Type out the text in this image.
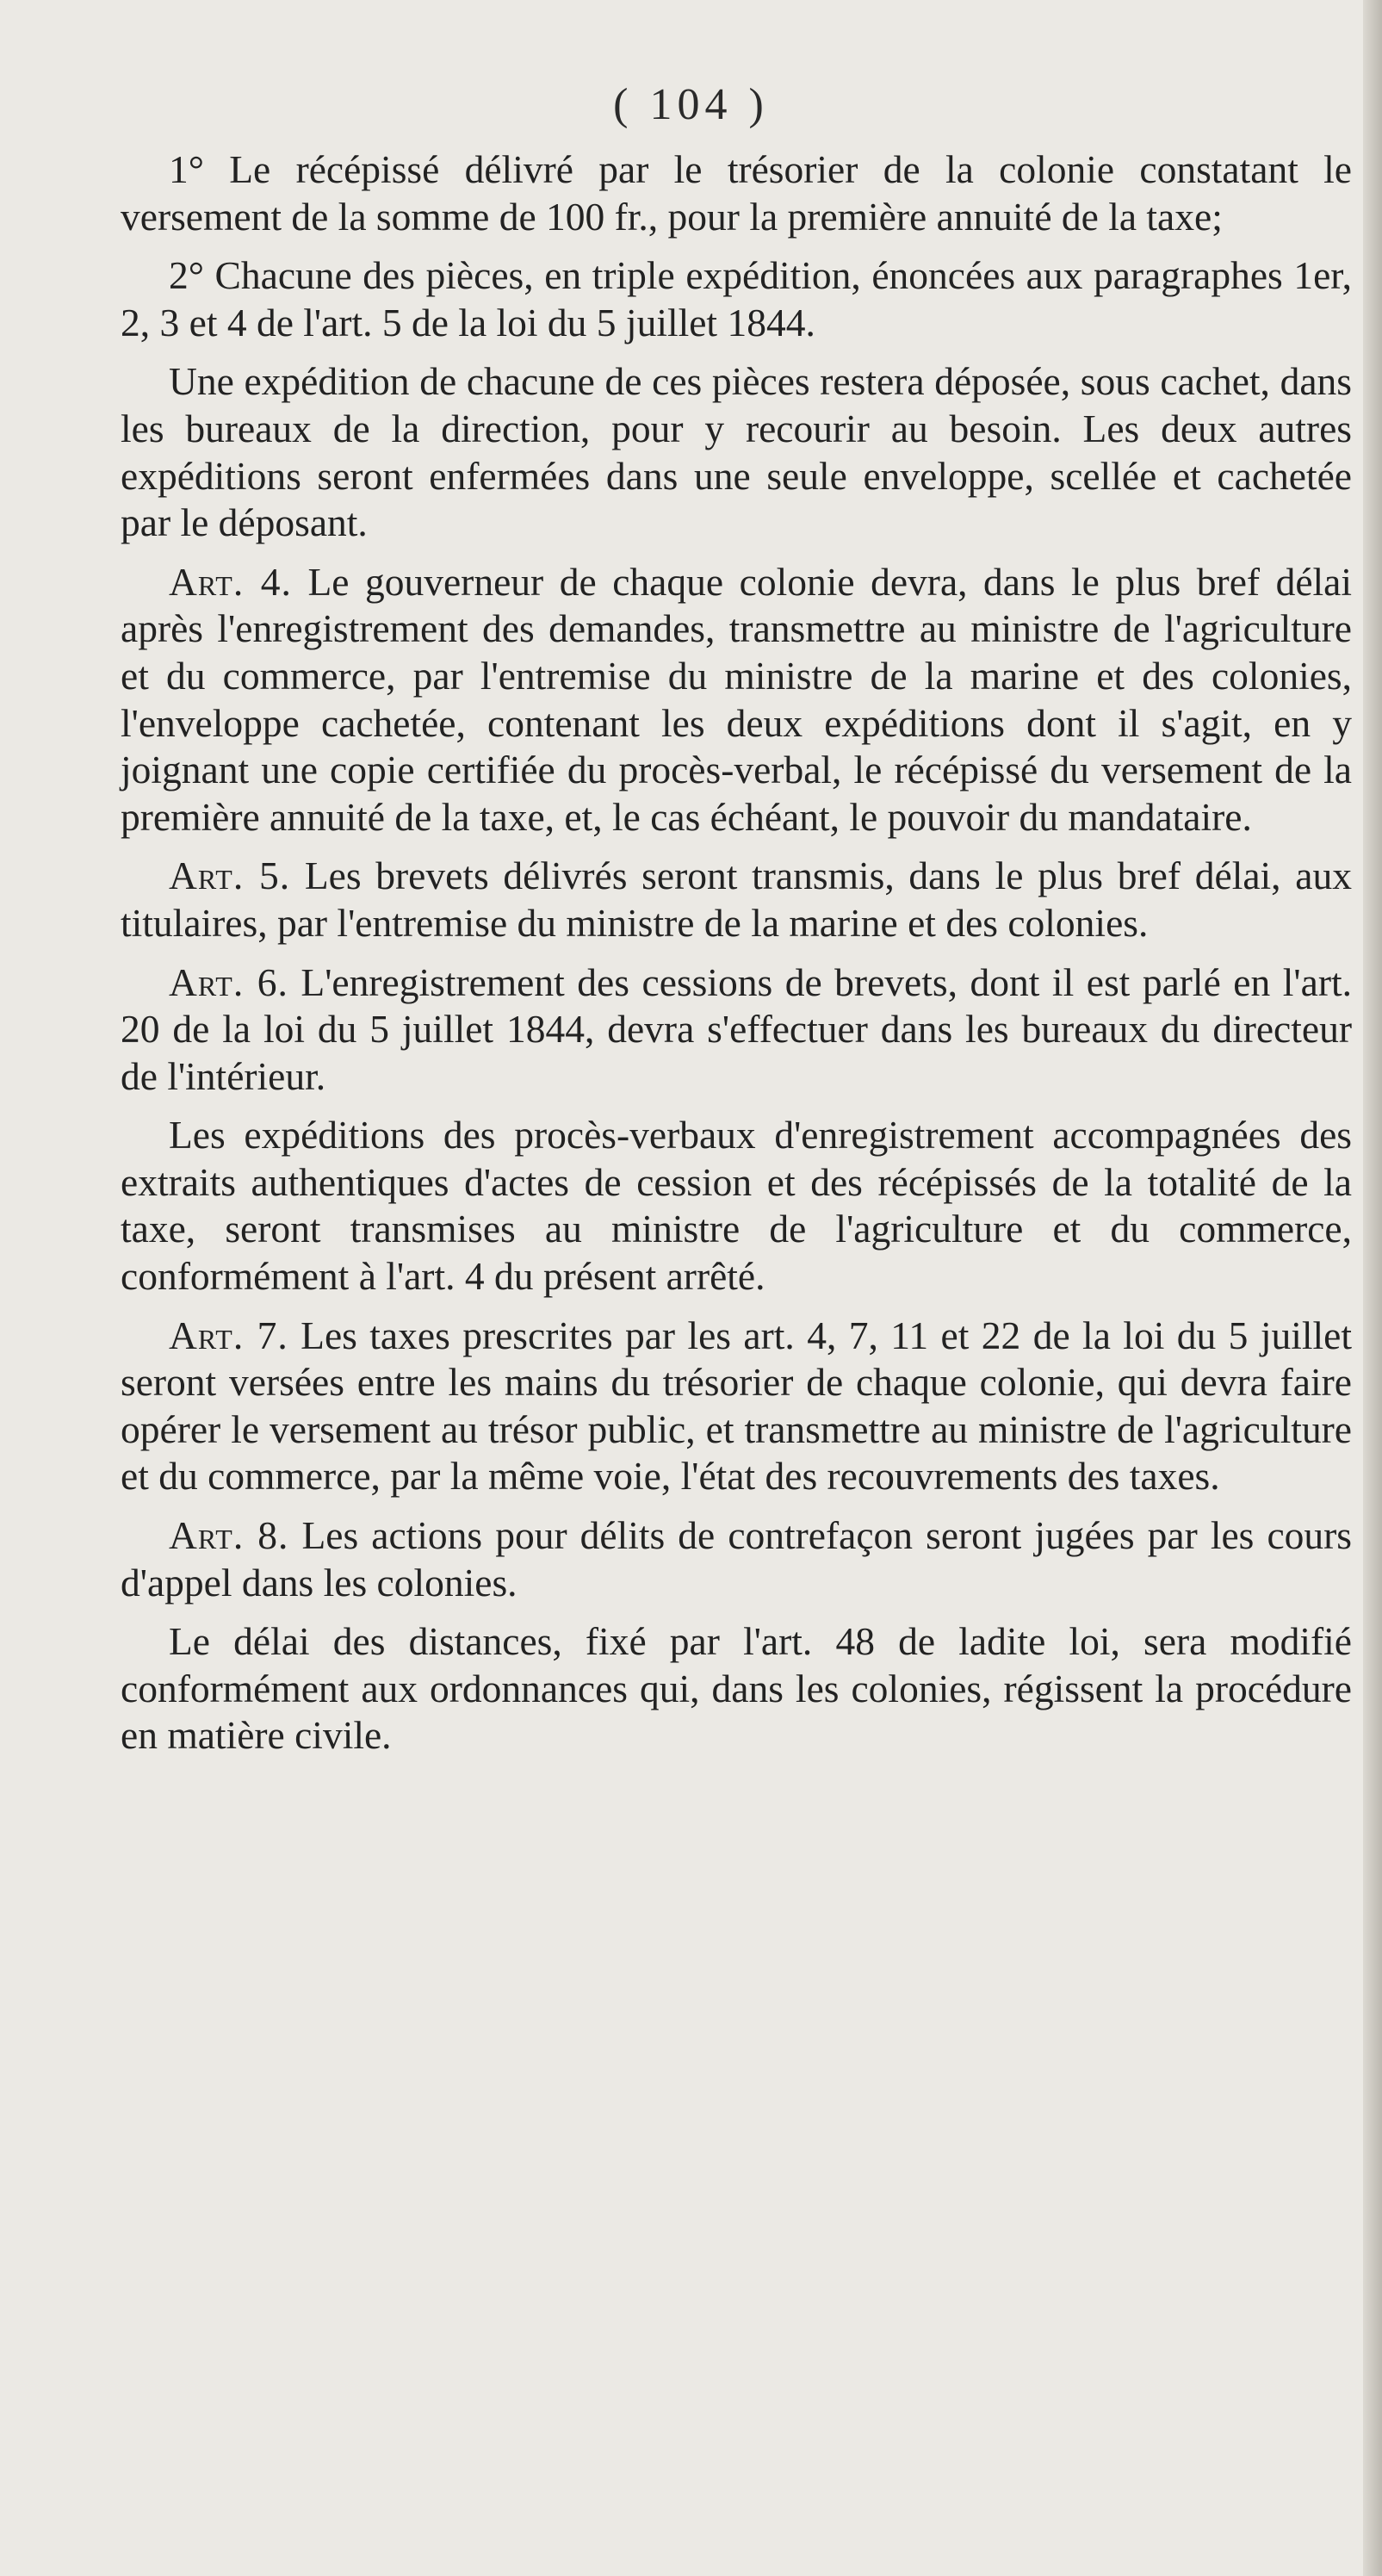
( 104 )

1° Le récépissé délivré par le trésorier de la colonie constatant le versement de la somme de 100 fr., pour la première annuité de la taxe;

2° Chacune des pièces, en triple expédition, énoncées aux paragraphes 1er, 2, 3 et 4 de l'art. 5 de la loi du 5 juillet 1844.

Une expédition de chacune de ces pièces restera déposée, sous cachet, dans les bureaux de la direction, pour y recourir au besoin. Les deux autres expéditions seront enfermées dans une seule enveloppe, scellée et cachetée par le déposant.

Art. 4. Le gouverneur de chaque colonie devra, dans le plus bref délai après l'enregistrement des demandes, transmettre au ministre de l'agriculture et du commerce, par l'entremise du ministre de la marine et des colonies, l'enveloppe cachetée, contenant les deux expéditions dont il s'agit, en y joignant une copie certifiée du procès-verbal, le récépissé du versement de la première annuité de la taxe, et, le cas échéant, le pouvoir du mandataire.

Art. 5. Les brevets délivrés seront transmis, dans le plus bref délai, aux titulaires, par l'entremise du ministre de la marine et des colonies.

Art. 6. L'enregistrement des cessions de brevets, dont il est parlé en l'art. 20 de la loi du 5 juillet 1844, devra s'effectuer dans les bureaux du directeur de l'intérieur.

Les expéditions des procès-verbaux d'enregistrement accompagnées des extraits authentiques d'actes de cession et des récépissés de la totalité de la taxe, seront transmises au ministre de l'agriculture et du commerce, conformément à l'art. 4 du présent arrêté.

Art. 7. Les taxes prescrites par les art. 4, 7, 11 et 22 de la loi du 5 juillet seront versées entre les mains du trésorier de chaque colonie, qui devra faire opérer le versement au trésor public, et transmettre au ministre de l'agriculture et du commerce, par la même voie, l'état des recouvrements des taxes.

Art. 8. Les actions pour délits de contrefaçon seront jugées par les cours d'appel dans les colonies.

Le délai des distances, fixé par l'art. 48 de ladite loi, sera modifié conformément aux ordonnances qui, dans les colonies, régissent la procédure en matière civile.
